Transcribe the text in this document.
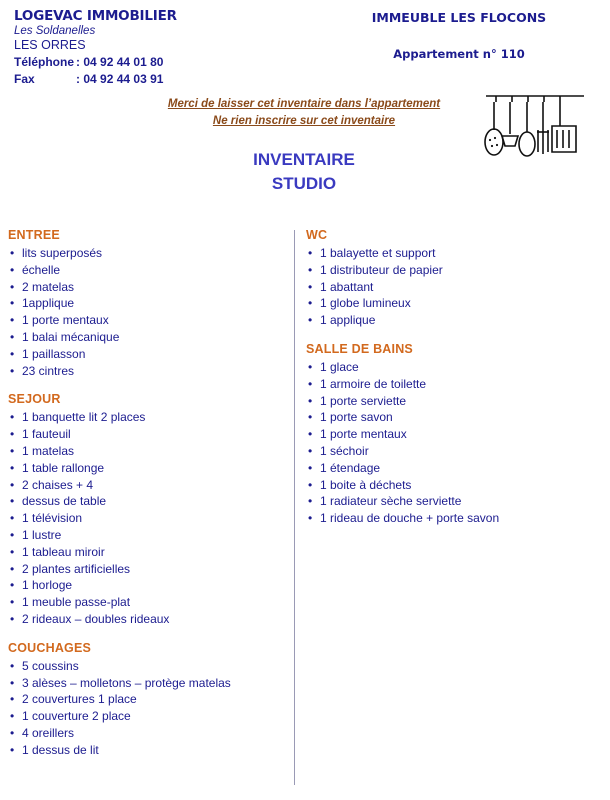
LOGEVAC IMMOBILIER
Les Soldanelles
LES ORRES
Téléphone : 04 92 44 01 80
Fax	: 04 92 44 03 91
IMMEUBLE LES FLOCONS
Appartement n° 110
Merci de laisser cet inventaire dans l’appartement
Ne rien inscrire sur cet inventaire
INVENTAIRE
STUDIO
ENTREE
• lits superposés
• échelle
• 2 matelas
• 1applique
• 1 porte mentaux
• 1 balai mécanique
• 1 paillasson
• 23 cintres
SEJOUR
• 1 banquette lit 2 places
• 1 fauteuil
• 1 matelas
• 1 table rallonge
• 2 chaises + 4
• dessus de table
• 1 télévision
• 1 lustre
• 1 tableau miroir
• 2 plantes artificielles
• 1 horloge
• 1 meuble passe-plat
• 2 rideaux – doubles rideaux
COUCHAGES
• 5 coussins
• 3 alèses – molletons – protège matelas
• 2 couvertures 1 place
• 1 couverture 2 place
• 4 oreillers
• 1 dessus de lit
WC
• 1 balayette et support
• 1 distributeur de papier
• 1 abattant
• 1 globe lumineux
• 1 applique
SALLE DE BAINS
• 1 glace
• 1 armoire de toilette
• 1 porte serviette
• 1 porte savon
• 1 porte mentaux
• 1 séchoir
• 1 étendage
• 1 boite à déchets
• 1 radiateur sèche serviette
• 1 rideau de douche + porte savon
